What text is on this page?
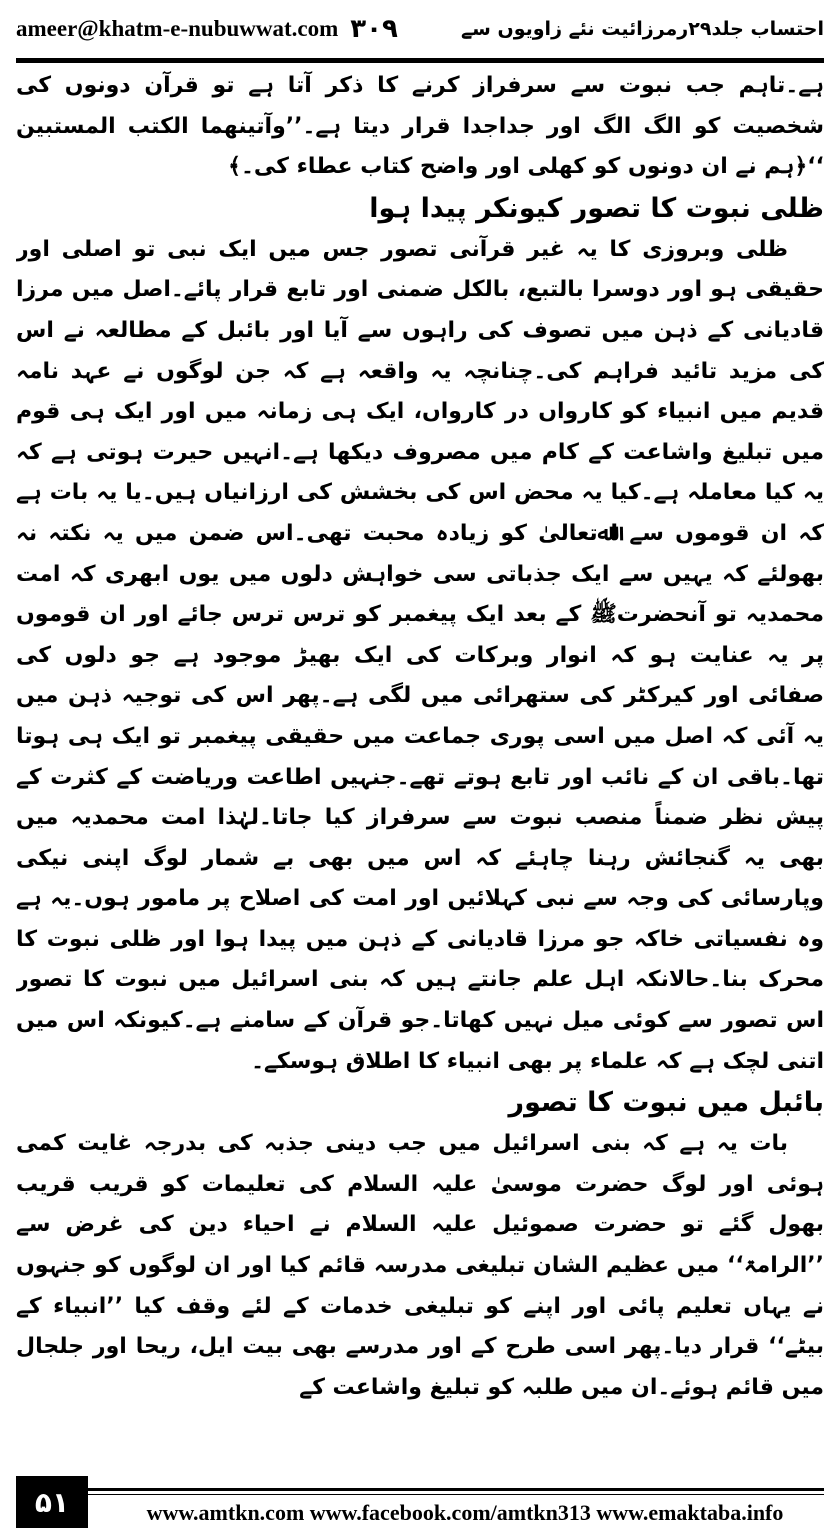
ameer@khatm-e-nubuwwat.com ۳۰۹	احتساب جلد۲۹رمرزائیت نئے زاویوں سے

ہے۔تاہم جب نبوت سے سرفراز کرنے کا ذکر آتا ہے تو قرآن دونوں کی شخصیت کو الگ الگ اور جداجدا قرار دیتا ہے۔’’وآتینھما الکتب المستبین ‘‘﴿ہم نے ان دونوں کو کھلی اور واضح کتاب عطاء کی۔﴾

ظلی نبوت کا تصور کیونکر پیدا ہوا

ظلی وبروزی کا یہ غیر قرآنی تصور جس میں ایک نبی تو اصلی اور حقیقی ہو اور دوسرا بالتبع، بالکل ضمنی اور تابع قرار پائے۔اصل میں مرزا قادیانی کے ذہن میں تصوف کی راہوں سے آیا اور بائبل کے مطالعہ نے اس کی مزید تائید فراہم کی۔چنانچہ یہ واقعہ ہے کہ جن لوگوں نے عہد نامہ قدیم میں انبیاء کو کارواں در کارواں، ایک ہی زمانہ میں اور ایک ہی قوم میں تبلیغ واشاعت کے کام میں مصروف دیکھا ہے۔انہیں حیرت ہوتی ہے کہ یہ کیا معاملہ ہے۔کیا یہ محض اس کی بخشش کی ارزانیاں ہیں۔یا یہ بات ہے کہ ان قوموں سے اﷲتعالیٰ کو زیادہ محبت تھی۔اس ضمن میں یہ نکتہ نہ بھولئے کہ یہیں سے ایک جذباتی سی خواہش دلوں میں یوں ابھری کہ امت محمدیہ تو آنحضرتﷺ کے بعد ایک پیغمبر کو ترس ترس جائے اور ان قوموں پر یہ عنایت ہو کہ انوار وبرکات کی ایک بھیڑ موجود ہے جو دلوں کی صفائی اور کیرکٹر کی ستھرائی میں لگی ہے۔پھر اس کی توجیہ ذہن میں یہ آئی کہ اصل میں اسی پوری جماعت میں حقیقی پیغمبر تو ایک ہی ہوتا تھا۔باقی ان کے نائب اور تابع ہوتے تھے۔جنہیں اطاعت وریاضت کے کثرت کے پیش نظر ضمناً منصب نبوت سے سرفراز کیا جاتا۔لہٰذا امت محمدیہ میں بھی یہ گنجائش رہنا چاہئے کہ اس میں بھی بے شمار لوگ اپنی نیکی وپارسائی کی وجہ سے نبی کہلائیں اور امت کی اصلاح پر مامور ہوں۔یہ ہے وہ نفسیاتی خاکہ جو مرزا قادیانی کے ذہن میں پیدا ہوا اور ظلی نبوت کا محرک بنا۔حالانکہ اہل علم جانتے ہیں کہ بنی اسرائیل میں نبوت کا تصور اس تصور سے کوئی میل نہیں کھاتا۔جو قرآن کے سامنے ہے۔کیونکہ اس میں اتنی لچک ہے کہ علماء پر بھی انبیاء کا اطلاق ہوسکے۔

بائبل میں نبوت کا تصور

بات یہ ہے کہ بنی اسرائیل میں جب دینی جذبہ کی بدرجہ غایت کمی ہوئی اور لوگ حضرت موسیٰ علیہ السلام کی تعلیمات کو قریب قریب بھول گئے تو حضرت صموئیل علیہ السلام نے احیاء دین کی غرض سے ’’الرامۃ‘‘ میں عظیم الشان تبلیغی مدرسہ قائم کیا اور ان لوگوں کو جنہوں نے یہاں تعلیم پائی اور اپنے کو تبلیغی خدمات کے لئے وقف کیا ’’انبیاء کے بیٹے‘‘ قرار دیا۔پھر اسی طرح کے اور مدرسے بھی بیت ایل، ریحا اور جلجال میں قائم ہوئے۔ان میں طلبہ کو تبلیغ واشاعت کے

۵۱	www.amtkn.com www.facebook.com/amtkn313 www.emaktaba.info
